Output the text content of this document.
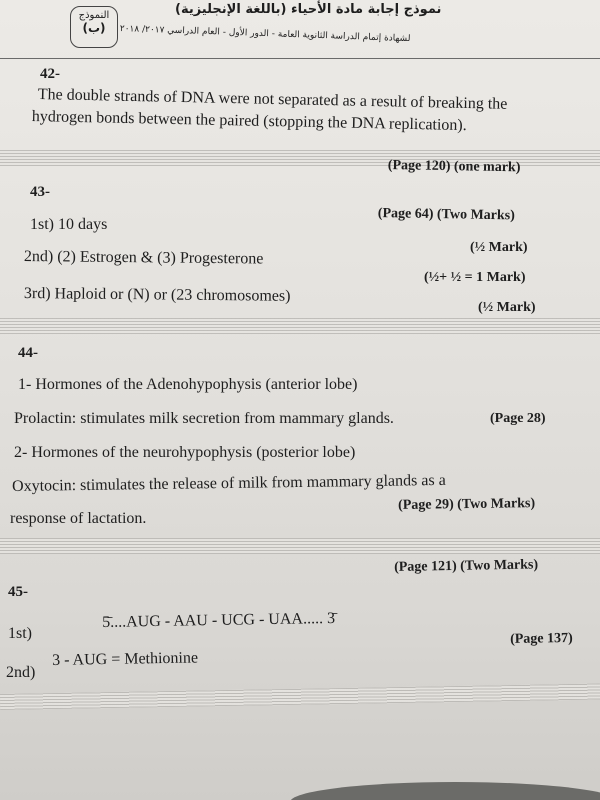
نموذج إجابة مادة الأحياء (باللغة الإنجليزية)
لشهادة إتمام الدراسة الثانوية العامة - الدور الأول - العام الدراسي ٢٠١٧/ ٢٠١٨
النموذج
(ب)
42-
The double strands of DNA were not separated as a result of breaking the
hydrogen bonds between the paired (stopping the DNA replication).
(Page 120) (one mark)
43-
(Page 64) (Two Marks)
1st) 10 days
(½ Mark)
2nd) (2) Estrogen & (3) Progesterone
(½+ ½ = 1 Mark)
3rd) Haploid or (N) or (23 chromosomes)
(½ Mark)
44-
1- Hormones of the Adenohypophysis (anterior lobe)
Prolactin: stimulates milk secretion from mammary glands.	(Page 28)
2- Hormones of the neurohypophysis (posterior lobe)
Oxytocin: stimulates the release of milk from mammary glands as a
response of lactation.
(Page 29) (Two Marks)
(Page 121) (Two Marks)
45-
1st)
5̄....AUG - AAU - UCG - UAA..... 3̄
(Page 137)
2nd)
3 - AUG = Methionine
